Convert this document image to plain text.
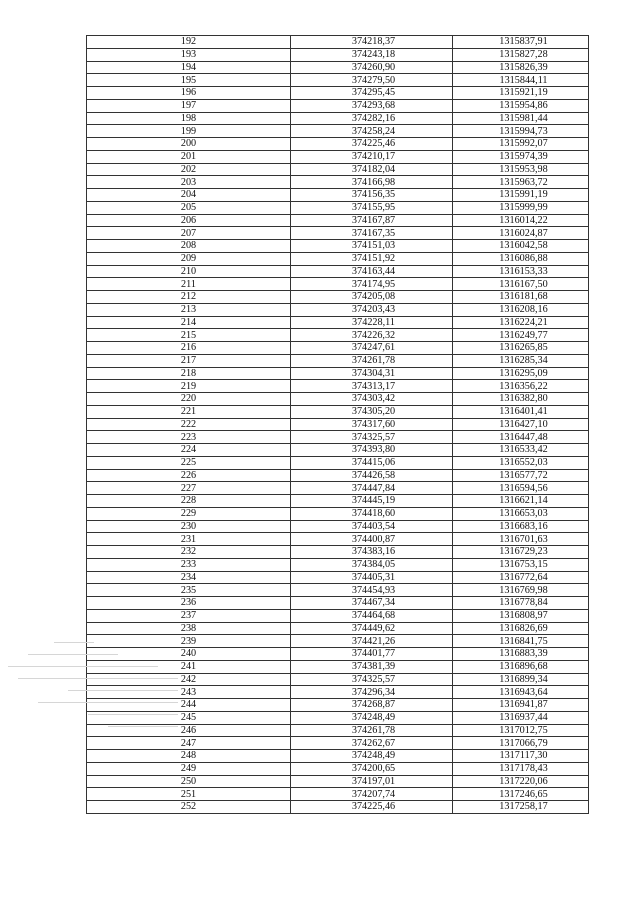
192	374218,37	1315837,91
193	374243,18	1315827,28
194	374260,90	1315826,39
195	374279,50	1315844,11
196	374295,45	1315921,19
197	374293,68	1315954,86
198	374282,16	1315981,44
199	374258,24	1315994,73
200	374225,46	1315992,07
201	374210,17	1315974,39
202	374182,04	1315953,98
203	374166,98	1315963,72
204	374156,35	1315991,19
205	374155,95	1315999,99
206	374167,87	1316014,22
207	374167,35	1316024,87
208	374151,03	1316042,58
209	374151,92	1316086,88
210	374163,44	1316153,33
211	374174,95	1316167,50
212	374205,08	1316181,68
213	374203,43	1316208,16
214	374228,11	1316224,21
215	374226,32	1316249,77
216	374247,61	1316265,85
217	374261,78	1316285,34
218	374304,31	1316295,09
219	374313,17	1316356,22
220	374303,42	1316382,80
221	374305,20	1316401,41
222	374317,60	1316427,10
223	374325,57	1316447,48
224	374393,80	1316533,42
225	374415,06	1316552,03
226	374426,58	1316577,72
227	374447,84	1316594,56
228	374445,19	1316621,14
229	374418,60	1316653,03
230	374403,54	1316683,16
231	374400,87	1316701,63
232	374383,16	1316729,23
233	374384,05	1316753,15
234	374405,31	1316772,64
235	374454,93	1316769,98
236	374467,34	1316778,84
237	374464,68	1316808,97
238	374449,62	1316826,69
239	374421,26	1316841,75
240	374401,77	1316883,39
241	374381,39	1316896,68
242	374325,57	1316899,34
243	374296,34	1316943,64
244	374268,87	1316941,87
245	374248,49	1316937,44
246	374261,78	1317012,75
247	374262,67	1317066,79
248	374248,49	1317117,30
249	374200,65	1317178,43
250	374197,01	1317220,06
251	374207,74	1317246,65
252	374225,46	1317258,17
